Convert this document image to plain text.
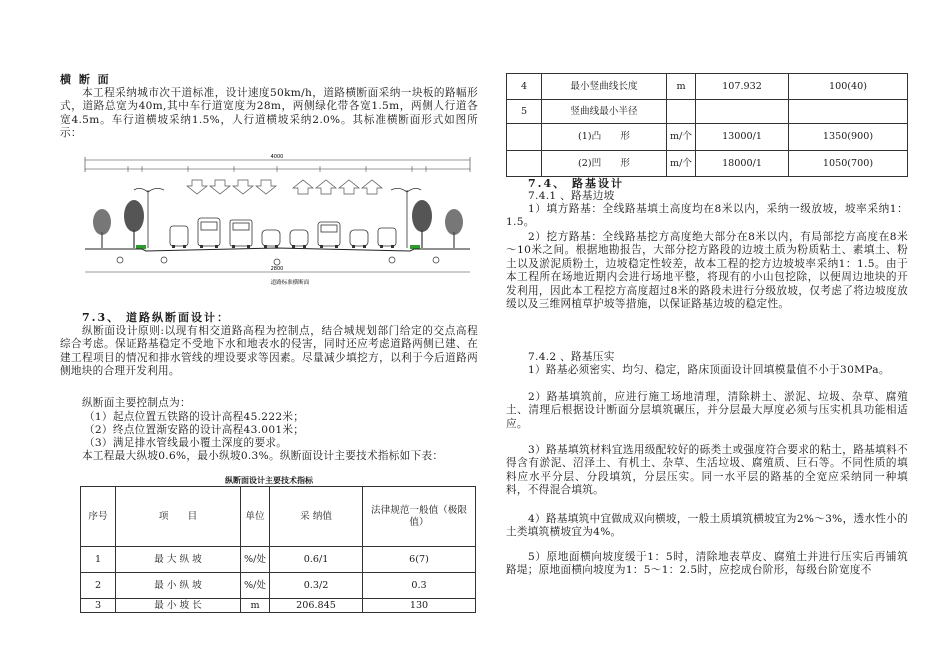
横 断 面

本工程采纳城市次干道标准，设计速度50km/h，道路横断面采纳一块板的路幅形式，道路总宽为40m,其中车行道宽度为28m，两侧绿化带各宽1.5m，两侧人行道各宽4.5m。车行道横坡采纳1.5%，人行道横坡采纳2.0%。其标准横断面形式如图所示：

4000
2800
道路标准横断面

7.3、 道路纵断面设计：

纵断面设计原则:以现有相交道路高程为控制点，结合城规划部门给定的交点高程综合考虑。保证路基稳定不受地下水和地表水的侵害，同时还应考虑道路两侧已建、在建工程项目的情况和排水管线的埋设要求等因素。尽量减少填挖方，以利于今后道路两侧地块的合理开发利用。

纵断面主要控制点为：

（1）起点位置五铁路的设计高程45.222米；

（2）终点位置渐安路的设计高程43.001米；

（3）满足排水管线最小覆土深度的要求。

本工程最大纵坡0.6%，最小纵坡0.3%。纵断面设计主要技术指标如下表：

纵断面设计主要技术指标

序号	项　　目	单位	采 纳值	法律规范一般值（极限值）
1	最 大 纵 坡	%/处	0.6/1	6(7)
2	最 小 纵 坡	%/处	0.3/2	0.3
3	最 小 坡 长	m	206.845	130
4	最小竖曲线长度	m	107.932	100(40)
5	竖曲线最小半径			
	(1)凸　　形	m/个	13000/1	1350(900)
	(2)凹　　形	m/个	18000/1	1050(700)

7.4、 路基设计

7.4.1 、路基边坡

1）填方路基：全线路基填土高度均在8米以内，采纳一级放坡，坡率采纳1：1.5。

2）挖方路基：全线路基挖方高度绝大部分在8米以内，有局部挖方高度在8米～10米之间。根据地勘报告，大部分挖方路段的边坡土质为粉质粘土、素填土、粉土以及淤泥质粉土，边坡稳定性较差，故本工程的挖方边坡坡率采纳1：1.5。由于本工程所在场地近期内会进行场地平整，将现有的小山包挖除，以便周边地块的开发利用，因此本工程挖方高度超过8米的路段未进行分级放坡，仅考虑了将边坡度放缓以及三维网植草护坡等措施，以保证路基边坡的稳定性。

7.4.2 、路基压实

1）路基必须密实、均匀、稳定，路床顶面设计回填模量值不小于30MPa。

2）路基填筑前，应进行施工场地清理，清除耕土、淤泥、垃圾、杂草、腐殖土、清理后根据设计断面分层填筑碾压，并分层最大厚度必须与压实机具功能相适应。

3）路基填筑材料宜选用级配较好的砾类土或强度符合要求的粘土，路基填料不得含有淤泥、沼泽土、有机土、杂草、生活垃圾、腐殖质、巨石等。不同性质的填料应水平分层、分段填筑，分层压实。同一水平层的路基的全宽应采纳同一种填料，不得混合填筑。

4）路基填筑中宜做成双向横坡，一般土质填筑横坡宜为2%～3%，透水性小的土类填筑横坡宜为4%。

5）原地面横向坡度缓于1：5时，清除地表草皮、腐殖土并进行压实后再铺筑路堤；原地面横向坡度为1：5～1：2.5时，应挖成台阶形，每级台阶宽度不
